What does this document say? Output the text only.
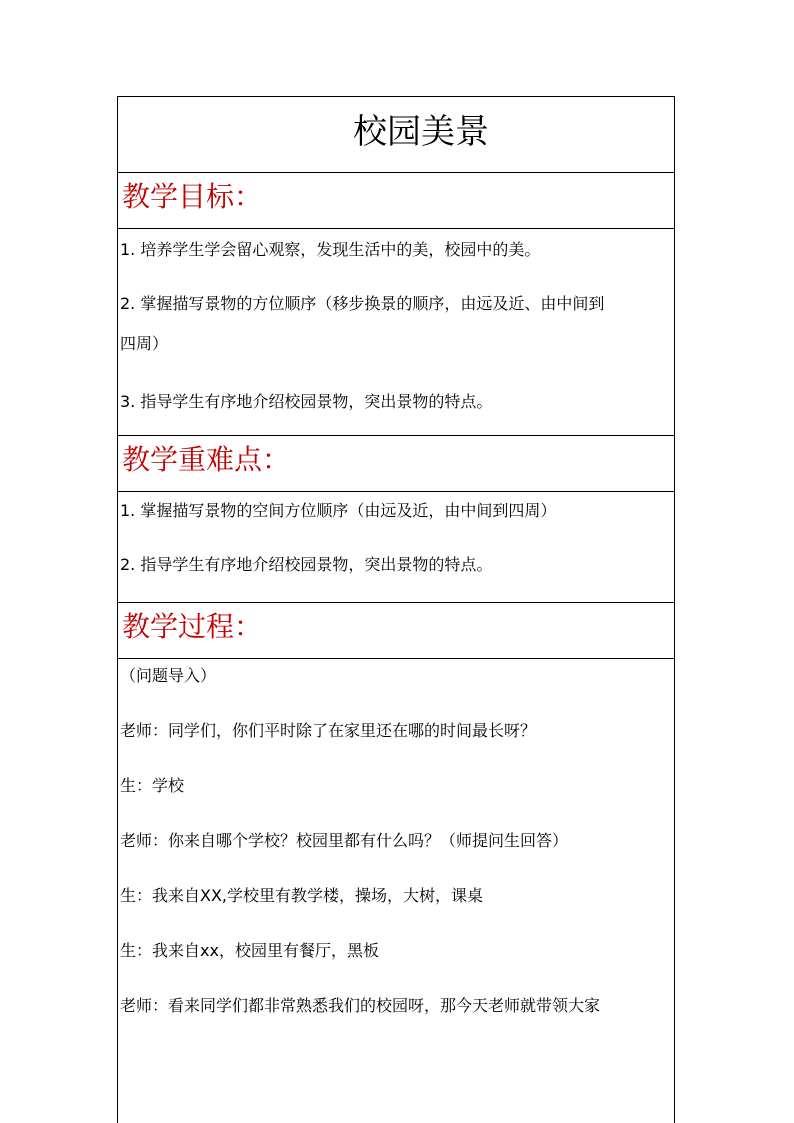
校园美景
教学目标：
1. 培养学生学会留心观察，发现生活中的美，校园中的美。
2. 掌握描写景物的方位顺序（移步换景的顺序，由远及近、由中间到
四周）
3. 指导学生有序地介绍校园景物，突出景物的特点。
教学重难点：
1. 掌握描写景物的空间方位顺序（由远及近，由中间到四周）
2. 指导学生有序地介绍校园景物，突出景物的特点。
教学过程：
（问题导入）
老师：同学们，你们平时除了在家里还在哪的时间最长呀？
生：学校
老师：你来自哪个学校？校园里都有什么吗？（师提问生回答）
生：我来自XX,学校里有教学楼，操场，大树，课桌
生：我来自xx，校园里有餐厅，黑板
老师：看来同学们都非常熟悉我们的校园呀，那今天老师就带领大家
